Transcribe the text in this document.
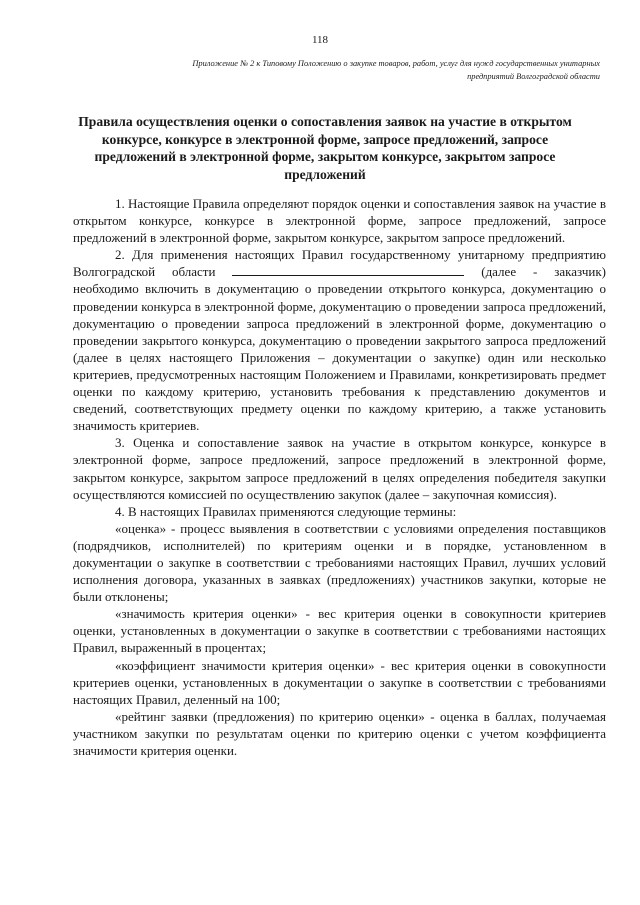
118
Приложение № 2 к Типовому Положению о закупке товаров, работ, услуг для нужд государственных унитарных предприятий Волгоградской области
Правила осуществления оценки о сопоставления заявок на участие в открытом конкурсе, конкурсе в электронной форме, запросе предложений, запросе предложений в электронной форме, закрытом конкурсе, закрытом запросе предложений

1. Настоящие Правила определяют порядок оценки и сопоставления заявок на участие в открытом конкурсе, конкурсе в электронной форме, запросе предложений, запросе предложений в электронной форме, закрытом конкурсе, закрытом запросе предложений.

2. Для применения настоящих Правил государственному унитарному предприятию Волгоградской области	(далее - заказчик) необходимо включить в документацию о проведении открытого конкурса, документацию о проведении конкурса в электронной форме, документацию о проведении запроса предложений, документацию о проведении запроса предложений в электронной форме, документацию о проведении закрытого конкурса, документацию о проведении закрытого запроса предложений (далее в целях настоящего Приложения – документации о закупке) один или несколько критериев, предусмотренных настоящим Положением и Правилами, конкретизировать предмет оценки по каждому критерию, установить требования к представлению документов и сведений, соответствующих предмету оценки по каждому критерию, а также установить значимость критериев.

3. Оценка и сопоставление заявок на участие в открытом конкурсе, конкурсе в электронной форме, запросе предложений, запросе предложений в электронной форме, закрытом конкурсе, закрытом запросе предложений в целях определения победителя закупки осуществляются комиссией по осуществлению закупок (далее – закупочная комиссия).

4. В настоящих Правилах применяются следующие термины:

«оценка» - процесс выявления в соответствии с условиями определения поставщиков (подрядчиков, исполнителей) по критериям оценки и в порядке, установленном в документации о закупке в соответствии с требованиями настоящих Правил, лучших условий исполнения договора, указанных в заявках (предложениях) участников закупки, которые не были отклонены;

«значимость критерия оценки» - вес критерия оценки в совокупности критериев оценки, установленных в документации о закупке в соответствии с требованиями настоящих Правил, выраженный в процентах;

«коэффициент значимости критерия оценки» - вес критерия оценки в совокупности критериев оценки, установленных в документации о закупке в соответствии с требованиями настоящих Правил, деленный на 100;

«рейтинг заявки (предложения) по критерию оценки» - оценка в баллах, получаемая участником закупки по результатам оценки по критерию оценки с учетом коэффициента значимости критерия оценки.
